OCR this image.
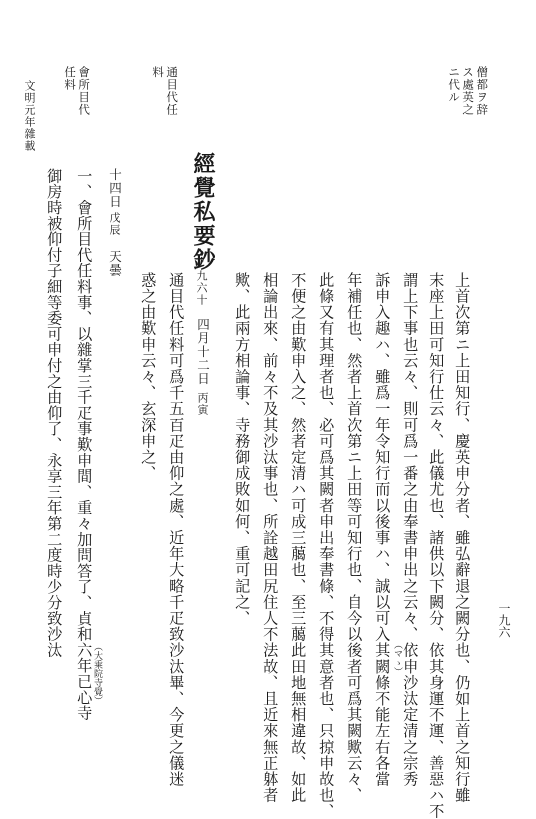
文明元年雜載
一九六
僧都ヲ辞
ス處英之
ニ代ル
通目代任
料
會所目代
任料
上首次第ニ上田知行、慶英申分者、雖弘辭退之闕分也、仍如上首之知行雖
末座上田可知行仕云々、此儀尤也、諸供以下闕分、依其身運不運、善惡ハ不
謂上下事也云々、則可爲一番之由奉書申出之云々、依申沙汰定清之宗秀
（マゝ）
訴申入趣ハ、雖爲一年令知行而以後事ハ、誠以可入其闕條不能左右各當
年補任也、然者上首次第ニ上田等可知行也、自今以後者可爲其闕歟云々、
此條又有其理者也、必可爲其闕者申出奉書條、不得其意者也、只掠申故也、
不便之由歎申入之、然者定清ハ可成三﨟也、至三﨟此田地無相違故、如此
相論出來、前々不及其沙汰事也、所詮越田尻住人不法故、且近來無正躰者
歟、此兩方相論事、寺務御成敗如何、重可記之、
經覺私要鈔
九六十
四月十二日
丙寅
通目代任料可爲千五百疋由仰之處、近年大略千疋致沙汰畢、今更之儀迷
惑之由歎申云々、玄深申之、
十四日
戊辰
天曇
一、會所目代任料事、以雜掌三千疋事歎申間、重々加問答了、貞和六年已心寺
御房時被仰付子細等委可申付之由仰了、永享三年第二度時少分致沙汰
（大乘院寺覺）
